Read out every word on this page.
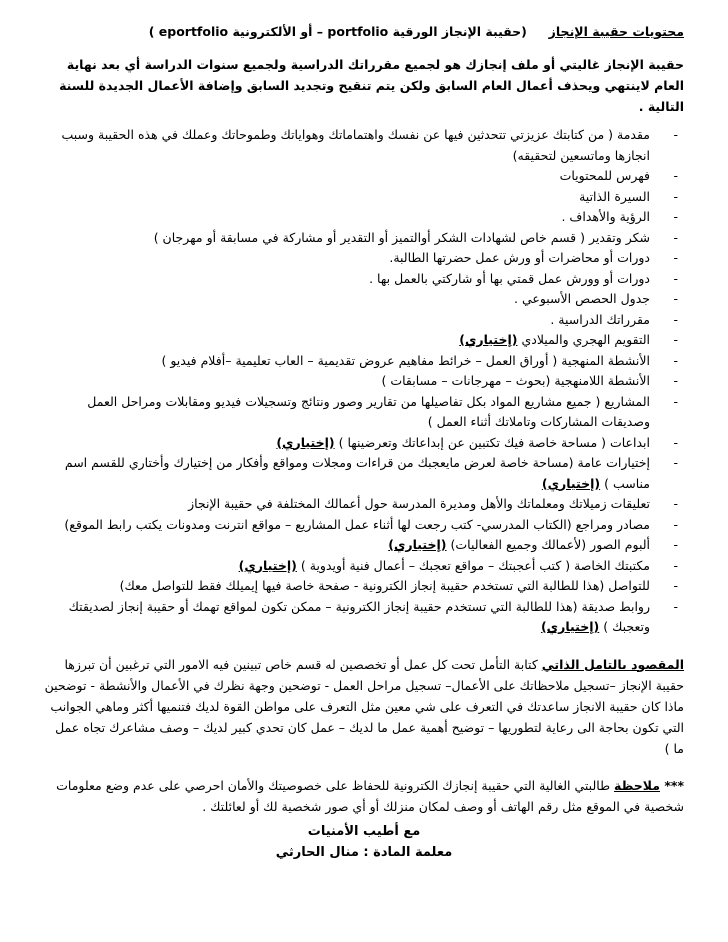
محتويات حقيبة الإنجاز     (حقيبة الإنجاز الورقية portfolio – أو الألكترونية eportfolio )
حقيبة الإنجاز غاليتي أو ملف إنجازك هو لجميع مقرراتك الدراسية ولجميع سنوات الدراسة أي بعد نهاية العام لاينتهي ويحذف أعمال العام السابق ولكن يتم تنقيح وتجديد السابق وإضافة الأعمال الجديدة للسنة التالية .
- مقدمة ( من كتابتك عزيزتي تتحدثين فيها عن نفسك واهتماماتك وهواياتك وطموحاتك وعملك في هذه الحقيبة وسبب انجازها وماتسعين لتحقيقه)
- فهرس للمحتويات
- السيرة الذاتية
- الرؤية والأهداف .
- شكر وتقدير ( قسم خاص لشهادات الشكر أوالتميز أو التقدير أو مشاركة في مسابقة أو مهرجان )
- دورات أو محاضرات أو ورش عمل حضرتها الطالبة.
- دورات أو وورش عمل قمتي بها أو شاركتي بالعمل بها .
- جدول الحصص الأسبوعي .
- مقرراتك الدراسية .
- التقويم الهجري والميلادي (إختياري)
- الأنشطة المنهجية ( أوراق العمل – خرائط مفاهيم عروض تقديمية – العاب تعليمية –أفلام فيديو )
- الأنشطة اللامنهجية (بحوث – مهرجانات – مسابقات )
- المشاريع ( جميع مشاريع المواد بكل تفاصيلها من تقارير وصور ونتائج وتسجيلات فيديو ومقابلات ومراحل العمل وصديقات المشاركات وتاملاتك أثناء العمل )
- ابداعات ( مساحة خاصة فيك تكتبين عن إبداعاتك وتعرضينها ) (إختياري)
- إختيارات عامة (مساحة خاصة لعرض مايعجبك من قراءات ومجلات ومواقع وأفكار من إختيارك وأختاري للقسم اسم مناسب ) (إختياري)
- تعليقات زميلاتك ومعلماتك والأهل ومديرة المدرسة حول أعمالك المختلفة في حقيبة الإنجاز
- مصادر ومراجع (الكتاب المدرسي- كتب رجعت لها أثناء عمل المشاريع – مواقع انترنت ومدونات يكتب رابط الموقع)
- ألبوم الصور (لأعمالك وجميع الفعاليات) (إختياري)
- مكتبتك الخاصة ( كتب أعجبتك – مواقع تعجبك – أعمال فنية أويدوية ) (إختياري)
- للتواصل (هذا للطالبة التي تستخدم حقيبة إنجاز الكترونية - صفحة خاصة فيها إيميلك فقط للتواصل معك)
- روابط صديقة (هذا للطالبة التي تستخدم حقيبة إنجاز الكترونية – ممكن تكون لمواقع تهمك أو حقيبة إنجاز لصديقتك وتعجبك ) (إختياري)
المقصود بالتامل الذاتي كتابة التأمل تحت كل عمل أو تخصصين له قسم خاص تبينين فيه الامور التي ترغبين أن تبرزها حقيبة الإنجاز –تسجيل ملاحظاتك على الأعمال– تسجيل مراحل العمل - توضحين وجهة نظرك في الأعمال والأنشطة - توضحين ماذا كان حقيبة الانجاز ساعدتك في التعرف على شي معين مثل التعرف على مواطن القوة لديك فتنميها أكثر وماهي الجوانب التي تكون بحاجة الى رعاية لتطوريها – توضيح أهمية عمل ما لديك – عمل كان تحدي كبير لديك – وصف مشاعرك تجاه عمل ما )
*** ملاحظة طالبتي الغالية التي حقيبة إنجازك الكترونية للحفاظ على خصوصيتك والأمان احرصي على عدم وضع معلومات شخصية في الموقع مثل رقم الهاتف أو وصف لمكان منزلك أو أي صور شخصية لك أو لعائلتك .
مع أطيب الأمنيات
معلمة المادة : منال الحارثي
